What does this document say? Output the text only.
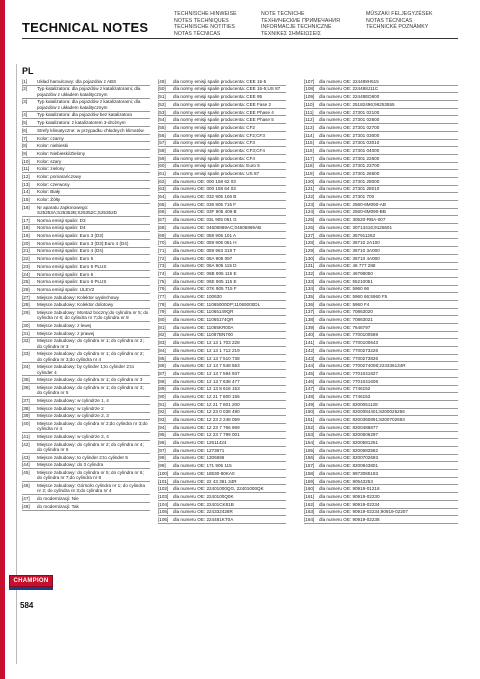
TECHNICAL NOTES
TECHNISCHE HINWEISE
NOTES TECHNIQUES
TECHNISCHE NOTITIES
NOTAS TÉCNICAS
NOTE TECNICHE
ТЕХНИЧЕСКИЕ ПРИМЕЧАНИЯ
INFORMACJE TECHNICZNE
ΤΕΧΝΙΚΕΣ ΣΗΜΕΙΩΣΕΙΣ
MŰSZAKI FELJEGYZÉSEK
NOTAS TÉCNICAS
TECHNICKÉ POZNÁMKY
PL
[1]	Układ hamulcowy: dla pojazdów z ABS
[2]	Typ katalizatora: dla pojazdów z katalizatorami; dla pojazdów z układem katalitycznym
[3]	Typ katalizatora: dla pojazdów z katalizatorami; dla pojazdów z układem katalitycznym
[4]	Typ katalizatora: dla pojazdów bez katalizatora
[5]	Typ katalizatora: z katalizatorem 3-drożnym
[6]	Strefy klimatyczne: w przypadku chłodnych klimatów
[7]	Kolor: czarny
[8]	Kolor: niebieski
[9]	Kolor: Niebieski/Zielony
[10]	Kolor: szary
[11]	Kolor: zielony
[12]	Kolor: pomarańczowy
[13]	Kolor: czerwony
[14]	Kolor: Biały
[15]	Kolor: Żółty
[16]	Nr aparatu zapłonowego: S25353A;S25352B;S25352C;S25352D
[17]	Norma emisji spalin: D3
[18]	Norma emisji spalin: D4
[19]	Norma emisji spalin: Euro 3 (D3)
[20]	Norma emisji spalin: Euro 3 (D3);Euro 4 (D4)
[21]	Norma emisji spalin: Euro 4 (D4)
[22]	Norma emisji spalin: Euro 5
[23]	Norma emisji spalin: Euro 5 PLUS
[24]	Norma emisji spalin: Euro 6
[25]	Norma emisji spalin: Euro 6 PLUS
[26]	Norma emisji spalin: ULEV2
[27]	Miejsce zabudowy: Kolektor wydechowy
[28]	Miejsce zabudowy: Kolektor dolotowy
[29]	Miejsce zabudowy: Montaż boczny;do cylindra nr 5; do cylindra nr 6; do cylindra nr 7;do cylindra nr 8
[30]	Miejsce zabudowy: z lewej
[31]	Miejsce zabudowy: z prawej
[32]	Miejsce zabudowy: do cylindra nr 1; do cylindra nr 2; do cylindra nr 3
[33]	Miejsce zabudowy: do cylindra nr 1; do cylindra nr 2; do cylindra nr 3;do cylindra nr 4
[34]	Miejsce zabudowy: by cylinder 1;to cylinder 2;to cylinder 4
[35]	Miejsce zabudowy: do cylindra nr 1; do cylindra nr 3
[36]	Miejsce zabudowy: do cylindra nr 1; do cylindra nr 3; do cylindra nr 5
[37]	Miejsce zabudowy: w cylindrze 1, 4
[38]	Miejsce zabudowy: w cylindrze 2
[39]	Miejsce zabudowy: w cylindrze 2, 3
[40]	Miejsce zabudowy: do cylindra nr 2;do cylindra nr 3;do cylindra nr 4
[41]	Miejsce zabudowy: w cylindrze 2, 4
[42]	Miejsce zabudowy: do cylindra nr 2; do cylindra nr 4; do cylindra nr 6
[43]	Miejsce zabudowy: to cylinder 2;to cylinder 5
[44]	Miejsce zabudowy: do 3 cylindra
[45]	Miejsce zabudowy: do cylindra nr 5; do cylindra nr 6; do cylindra nr 7;do cylindra nr 8
[46]	Miejsce zabudowy: Górsciło cylindra nr 1; do cylindra nr 2; do cylindra nr 3;do cylindra nr 4
[47]	do modernizacji: Nie
[48]	do modernizacji: Tak
[49]	dla normy emisji spalin producenta: CEE 15-5
[50]	dla normy emisji spalin producenta: CEE 15-5;US 87
[51]	dla normy emisji spalin producenta: CEE 95
[52]	dla normy emisji spalin producenta: CEE Fase 2
[53]	dla normy emisji spalin producenta: CEE Phase 4
[54]	dla normy emisji spalin producenta: CEE Phase 5
[55]	dla normy emisji spalin producenta: CF2
[56]	dla normy emisji spalin producenta: CF2;CF3
[57]	dla normy emisji spalin producenta: CF3
[58]	dla normy emisji spalin producenta: CF3;CF4
[59]	dla normy emisji spalin producenta: CF4
[60]	dla normy emisji spalin producenta: Euro 5
[61]	dla normy emisji spalin producenta: US 87
[62]	dla numeru OE: 000 158 62 03
[63]	dla numeru OE: 000 158 64 03
[64]	dla numeru OE: 032 905 106 B
[65]	dla numeru OE: 036 905 715 F
[66]	dla numeru OE: 03F 905 409 B
[67]	dla numeru OE: 03L 905 061 G
[68]	dla numeru OE: 04606869AC;04606869AB
[69]	dla numeru OE: 058 905 101 A
[70]	dla numeru OE: 059 905 061 H
[71]	dla numeru OE: 059 963 319 T
[72]	dla numeru OE: 06A 905 097
[73]	dla numeru OE: 06A 905 115 D
[74]	dla numeru OE: 06B 905 115 E
[75]	dla numeru OE: 06E 905 115 E
[76]	dla numeru OE: 07K 905 715 F
[77]	dla numeru OE: 100630
[78]	dla numeru OE: 11065000DP;11065000DL
[79]	dla numeru OE: 11065149QR
[80]	dla numeru OE: 11065174QR
[81]	dla numeru OE: 11065KR00A
[82]	dla numeru OE: 11067BN700
[83]	dla numeru OE: 12 13 1 703 228
[84]	dla numeru OE: 12 13 1 712 219
[85]	dla numeru OE: 12 13 7 510 738
[86]	dla numeru OE: 12 13 7 548 553
[87]	dla numeru OE: 12 13 7 594 937
[88]	dla numeru OE: 12 13 7 638 477
[89]	dla numeru OE: 12 13 8 616 153
[90]	dla numeru OE: 12 21 7 800 156
[91]	dla numeru OE: 12 21 7 801 200
[92]	dla numeru OE: 12 23 0 038 490
[93]	dla numeru OE: 12 23 2 248 059
[94]	dla numeru OE: 12 23 7 766 869
[95]	dla numeru OE: 12 23 7 799 001
[96]	dla numeru OE: 12611424
[97]	dla numeru OE: 1273971
[98]	dla numeru OE: 1306696
[99]	dla numeru OE: 171 905 115
[100]	dla numeru OE: 18530-80KA0
[101]	dla numeru OE: 22 43 361 34R
[102]	dla numeru OE: 22401000QG, 22401000QK
[103]	dla numeru OE: 2240100Q0K
[104]	dla numeru OE: 22401CK81B
[105]	dla numeru OE: 224332428R
[106]	dla numeru OE: 224481KT0A
[107]	dla numeru OE: 224488H515
[108]	dla numeru OE: 224488J11C
[109]	dla numeru OE: 22448ED800
[110]	dla numeru OE: 25182496;96253555
[111]	dla numeru OE: 27301 02100
[112]	dla numeru OE: 27301 02600
[113]	dla numeru OE: 27301 02700
[114]	dla numeru OE: 27301 03000
[115]	dla numeru OE: 27301 03010
[116]	dla numeru OE: 27301 04000
[117]	dla numeru OE: 27301 22600
[118]	dla numeru OE: 27301 23700
[119]	dla numeru OE: 27301 26600
[120]	dla numeru OE: 27301 28000
[121]	dla numeru OE: 27301 28010
[122]	dla numeru OE: 27301 700
[123]	dla numeru OE: 2560-6M090-AB
[124]	dla numeru OE: 2560-6M090-BB
[125]	dla numeru OE: 30520-RBA-007
[126]	dla numeru OE: 30713416;9125601
[127]	dla numeru OE: 357911253
[128]	dla numeru OE: 36710 2A100
[129]	dla numeru OE: 36710 3A000
[130]	dla numeru OE: 36710 4A000
[131]	dla numeru OE: 46 777 288
[132]	dla numeru OE: 46798050
[133]	dla numeru OE: 55210051
[134]	dla numeru OE: 5960 66
[135]	dla numeru OE: 5960 66;5960 F5
[136]	dla numeru OE: 5960 F4
[137]	dla numeru OE: 70863020
[138]	dla numeru OE: 70863021
[139]	dla numeru OE: 7648797
[140]	dla numeru OE: 7700100589
[141]	dla numeru OE: 7700100643
[142]	dla numeru OE: 7700273226
[143]	dla numeru OE: 7700273826
[144]	dla numeru OE: 7700274008;224336134R
[145]	dla numeru OE: 7701041827
[146]	dla numeru OE: 7701041608
[147]	dla numeru OE: 7746152
[148]	dla numeru OE: 7746153
[149]	dla numeru OE: 8200051128
[150]	dla numeru OE: 8200084401;8200025256
[151]	dla numeru OE: 8200360891;8200702693
[152]	dla numeru OE: 8200486877
[153]	dla numeru OE: 8200506297
[154]	dla numeru OE: 8200581251
[155]	dla numeru OE: 8200682582
[156]	dla numeru OE: 8200702693
[157]	dla numeru OE: 8200943801
[158]	dla numeru OE: 8973065193
[159]	dla numeru OE: 90543253
[160]	dla numeru OE: 90919-01218
[161]	dla numeru OE: 90919-02230
[162]	dla numeru OE: 90919-02234
[163]	dla numeru OE: 90919-02234;90919-02207
[164]	dla numeru OE: 90919-02238
CHAMPION
584
